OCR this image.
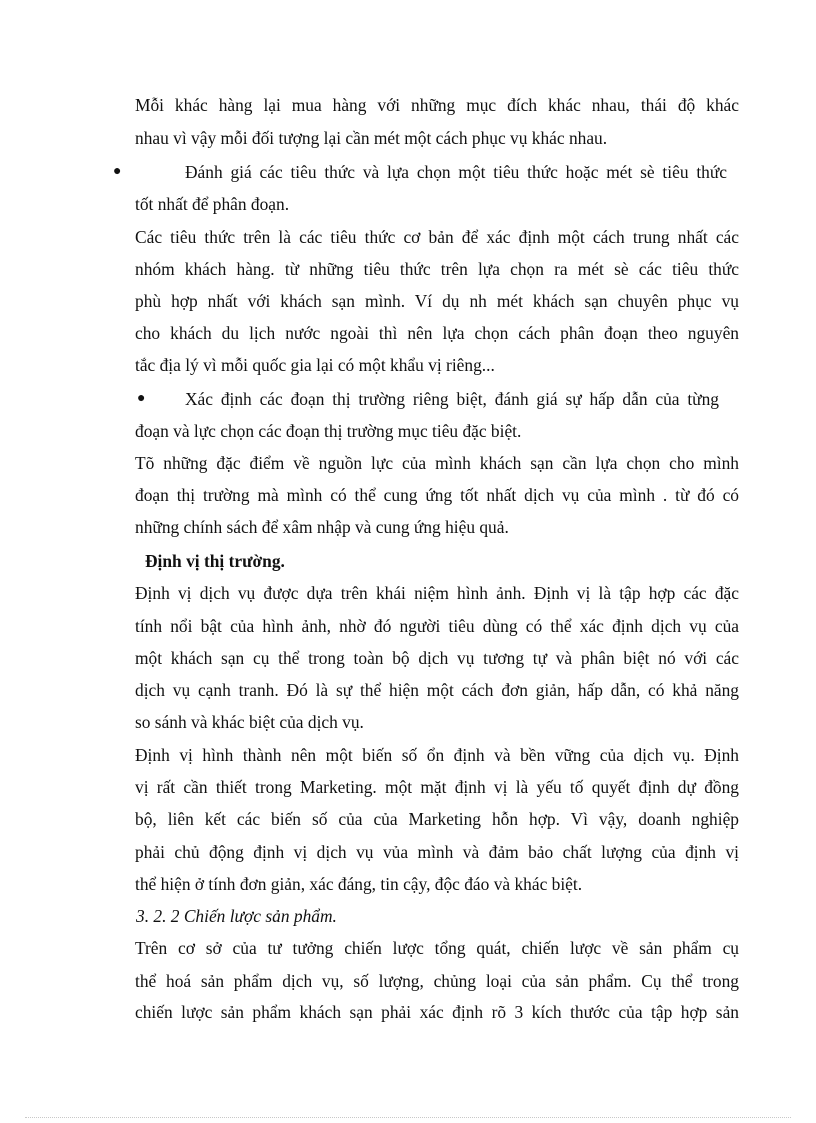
Mỗi khác hàng lại mua hàng với những mục đích khác nhau, thái độ khác
nhau vì vậy mỗi đối tượng lại cần mét một cách phục vụ khác nhau.
●	Đánh giá các tiêu thức và lựa chọn một tiêu thức hoặc mét sè tiêu thức
tốt nhất để phân đoạn.
Các tiêu thức trên là các tiêu thức cơ bản để xác định một cách trung nhất các
nhóm khách hàng. từ những tiêu thức trên lựa chọn ra mét sè các tiêu thức
phù hợp nhất với khách sạn mình. Ví dụ nh mét khách sạn chuyên phục vụ
cho khách du lịch nước ngoài thì nên lựa chọn cách phân đoạn theo nguyên
tắc địa lý vì mỗi quốc gia lại có một khẩu vị riêng...
● Xác định các đoạn thị trường riêng biệt, đánh giá sự hấp dẫn của từng
đoạn và lực chọn các đoạn thị trường mục tiêu đặc biệt.
Tõ những đặc điểm về nguồn lực của mình khách sạn cần lựa chọn cho mình
đoạn thị trường mà mình có thể cung ứng tốt nhất dịch vụ của mình . từ đó có
những chính sách để xâm nhập và cung ứng hiệu quả.
Định vị thị trường.
Định vị dịch vụ được dựa trên khái niệm hình ảnh. Định vị là tập hợp các đặc
tính nổi bật của hình ảnh, nhờ đó người tiêu dùng có thể xác định dịch vụ của
một khách sạn cụ thể trong toàn bộ dịch vụ tương tự và phân biệt nó với các
dịch vụ cạnh tranh. Đó là sự thể hiện một cách đơn giản, hấp dẫn, có khả năng
so sánh và khác biệt của dịch vụ.
Định vị hình thành nên một biến số ổn định và bền vững của dịch vụ. Định
vị rất cần thiết trong Marketing. một mặt định vị là yếu tố quyết định dự đồng
bộ, liên kết các biến số của của Marketing hỗn hợp. Vì vậy, doanh nghiệp
phải chủ động định vị dịch vụ vủa mình và đảm bảo chất lượng của định vị
thể hiện ở tính đơn giản, xác đáng, tin cậy, độc đáo và khác biệt.
3. 2. 2 Chiến lược sản phẩm.
Trên cơ sở của tư tưởng chiến lược tổng quát, chiến lược về sản phẩm cụ
thể hoá sản phẩm dịch vụ, số lượng, chủng loại của sản phẩm. Cụ thể trong
chiến lược sản phẩm khách sạn phải xác định rõ 3 kích thước của tập hợp sản
